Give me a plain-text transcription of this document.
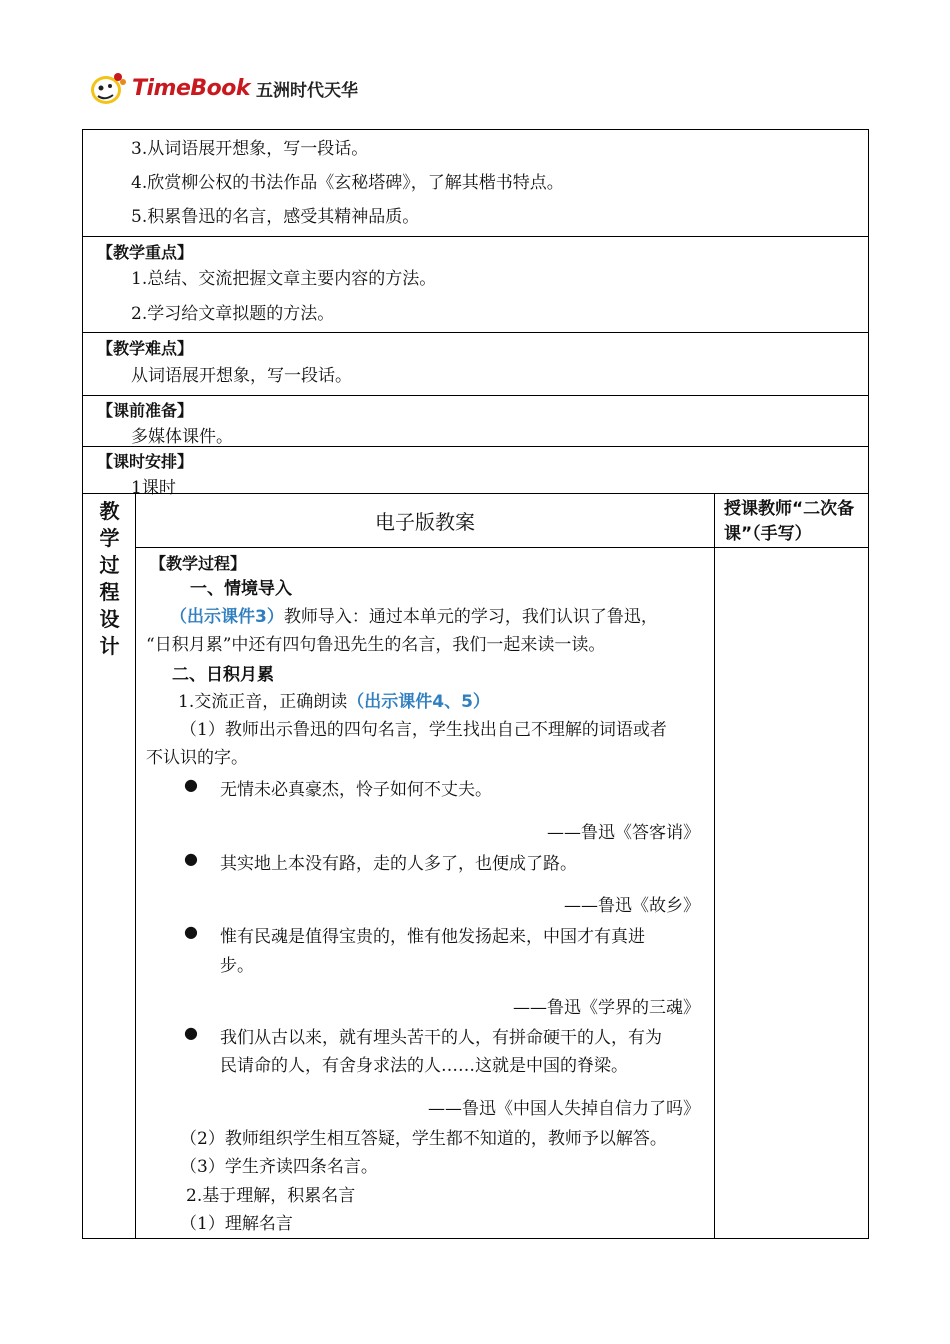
TimeBook 五洲时代天华
3.从词语展开想象，写一段话。
4.欣赏柳公权的书法作品《玄秘塔碑》，了解其楷书特点。
5.积累鲁迅的名言，感受其精神品质。
【教学重点】
1.总结、交流把握文章主要内容的方法。
2.学习给文章拟题的方法。
【教学难点】
从词语展开想象，写一段话。
【课前准备】
多媒体课件。
【课时安排】
1课时
教
学
过
程
设
计
电子版教案
授课教师“二次备课”（手写）
【教学过程】
一、情境导入
（出示课件3）教师导入：通过本单元的学习，我们认识了鲁迅，
“日积月累”中还有四句鲁迅先生的名言，我们一起来读一读。
二、日积月累
1.交流正音，正确朗读（出示课件4、5）
（1）教师出示鲁迅的四句名言，学生找出自己不理解的词语或者
不认识的字。
● 无情未必真豪杰，怜子如何不丈夫。
——鲁迅《答客诮》
● 其实地上本没有路，走的人多了，也便成了路。
——鲁迅《故乡》
● 惟有民魂是值得宝贵的，惟有他发扬起来，中国才有真进
步。
——鲁迅《学界的三魂》
● 我们从古以来，就有埋头苦干的人，有拼命硬干的人，有为
民请命的人，有舍身求法的人……这就是中国的脊梁。
——鲁迅《中国人失掉自信力了吗》
（2）教师组织学生相互答疑，学生都不知道的，教师予以解答。
（3）学生齐读四条名言。
2.基于理解，积累名言
（1）理解名言
